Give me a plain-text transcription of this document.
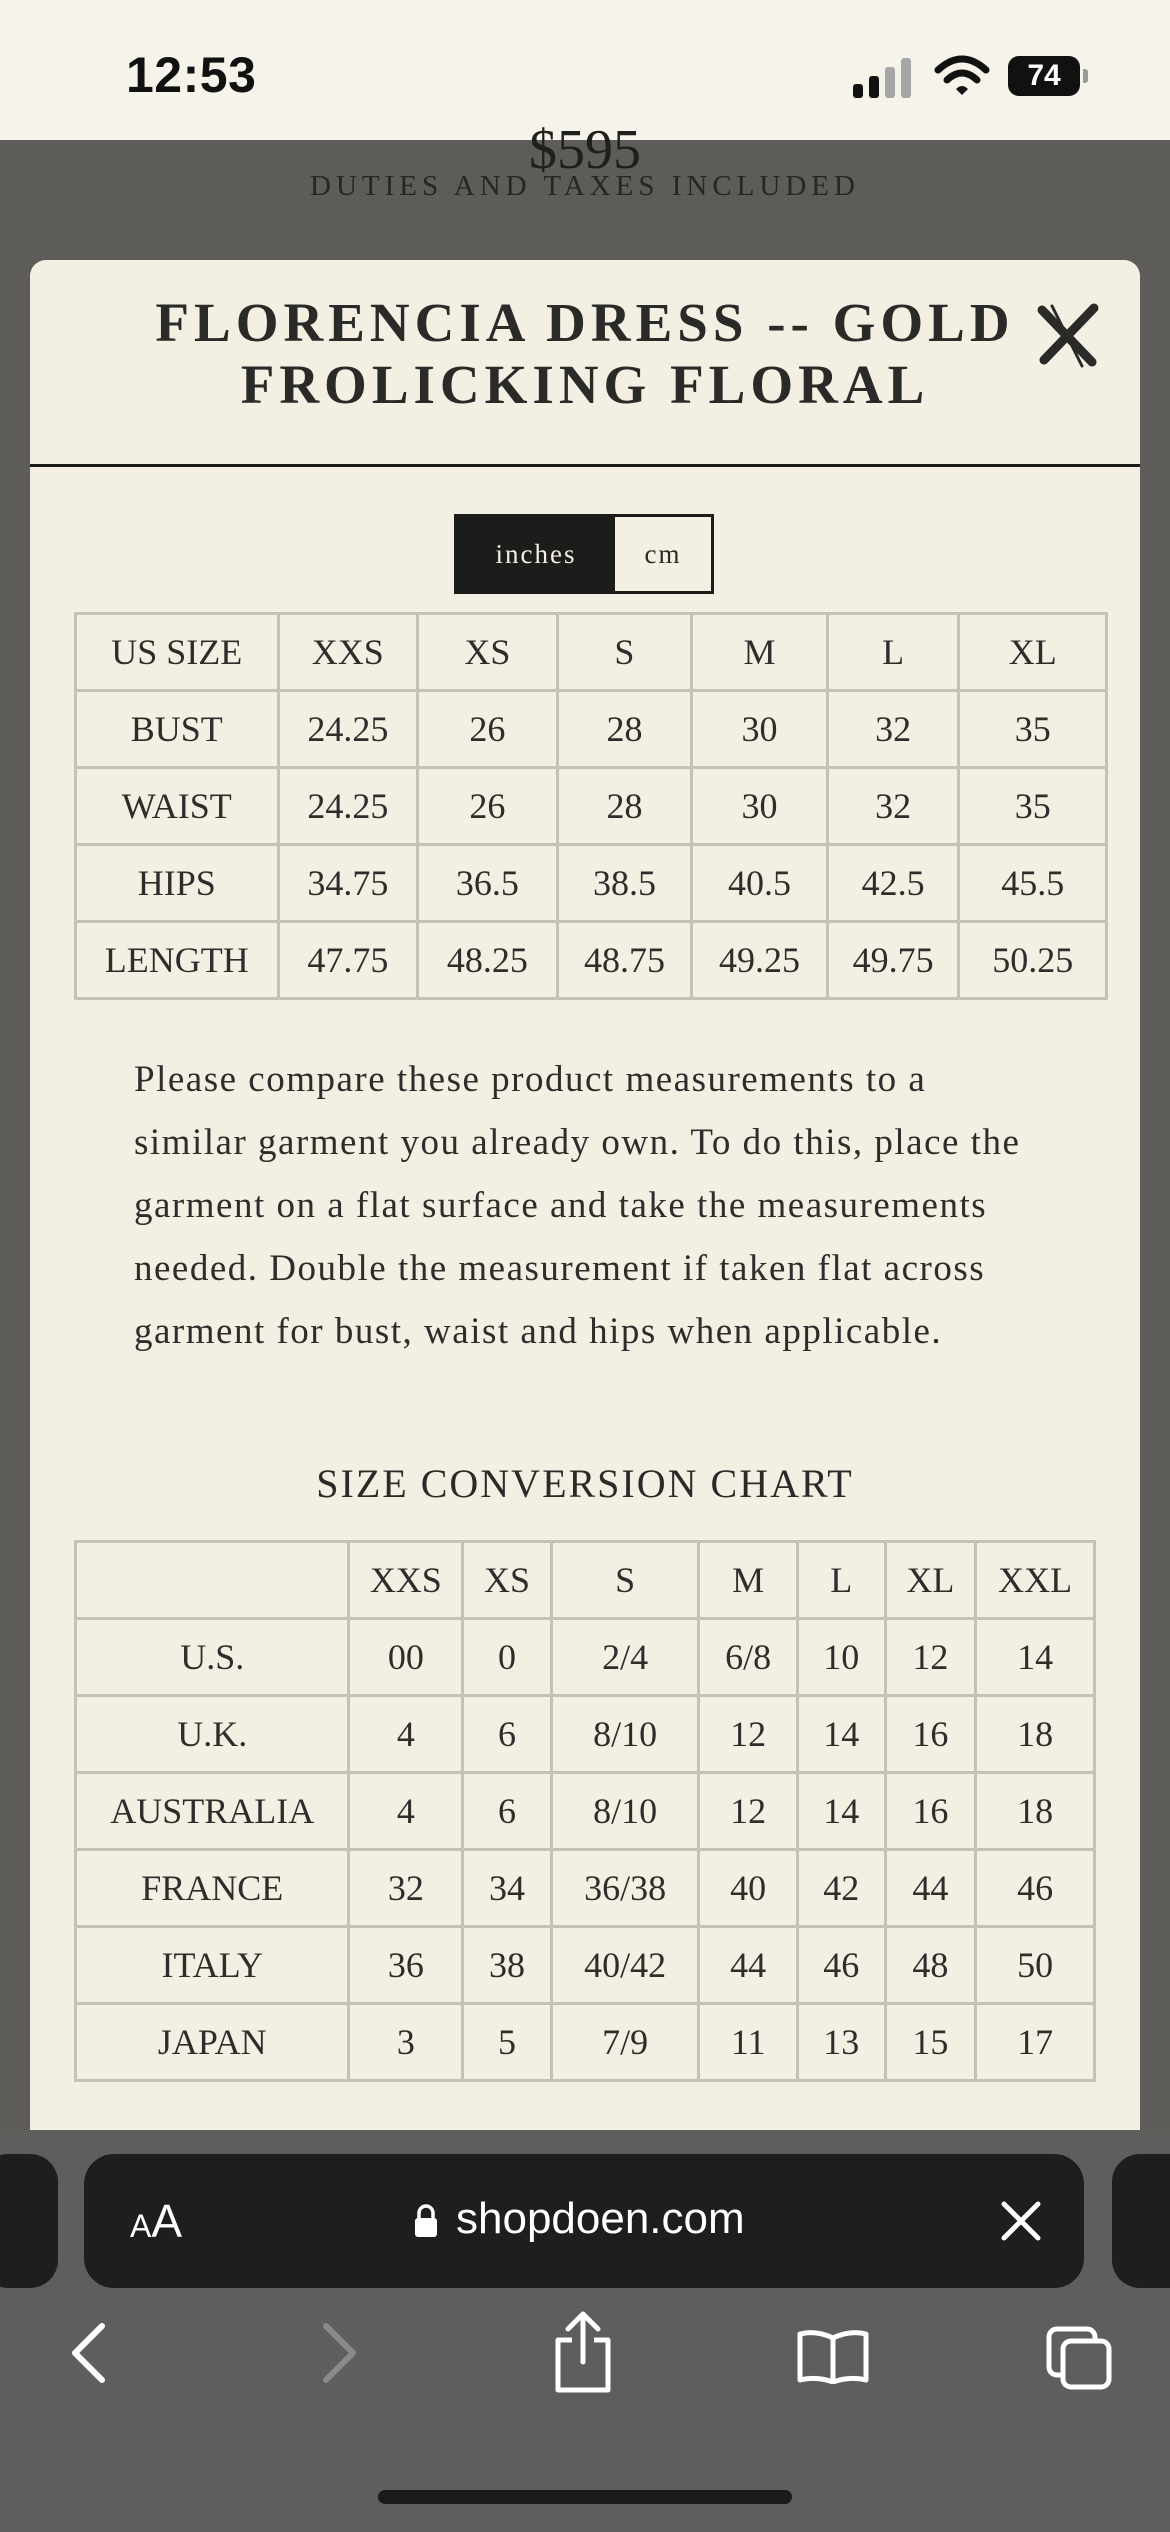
12:53	74
$595
DUTIES AND TAXES INCLUDED
FLORENCIA DRESS -- GOLD
FROLICKING FLORAL
inches	cm
US SIZE	XXS	XS	S	M	L	XL
BUST	24.25	26	28	30	32	35
WAIST	24.25	26	28	30	32	35
HIPS	34.75	36.5	38.5	40.5	42.5	45.5
LENGTH	47.75	48.25	48.75	49.25	49.75	50.25
Please compare these product measurements to a similar garment you already own. To do this, place the garment on a flat surface and take the measurements needed. Double the measurement if taken flat across garment for bust, waist and hips when applicable.
SIZE CONVERSION CHART
	XXS	XS	S	M	L	XL	XXL
U.S.	00	0	2/4	6/8	10	12	14
U.K.	4	6	8/10	12	14	16	18
AUSTRALIA	4	6	8/10	12	14	16	18
FRANCE	32	34	36/38	40	42	44	46
ITALY	36	38	40/42	44	46	48	50
JAPAN	3	5	7/9	11	13	15	17
AA	shopdoen.com
